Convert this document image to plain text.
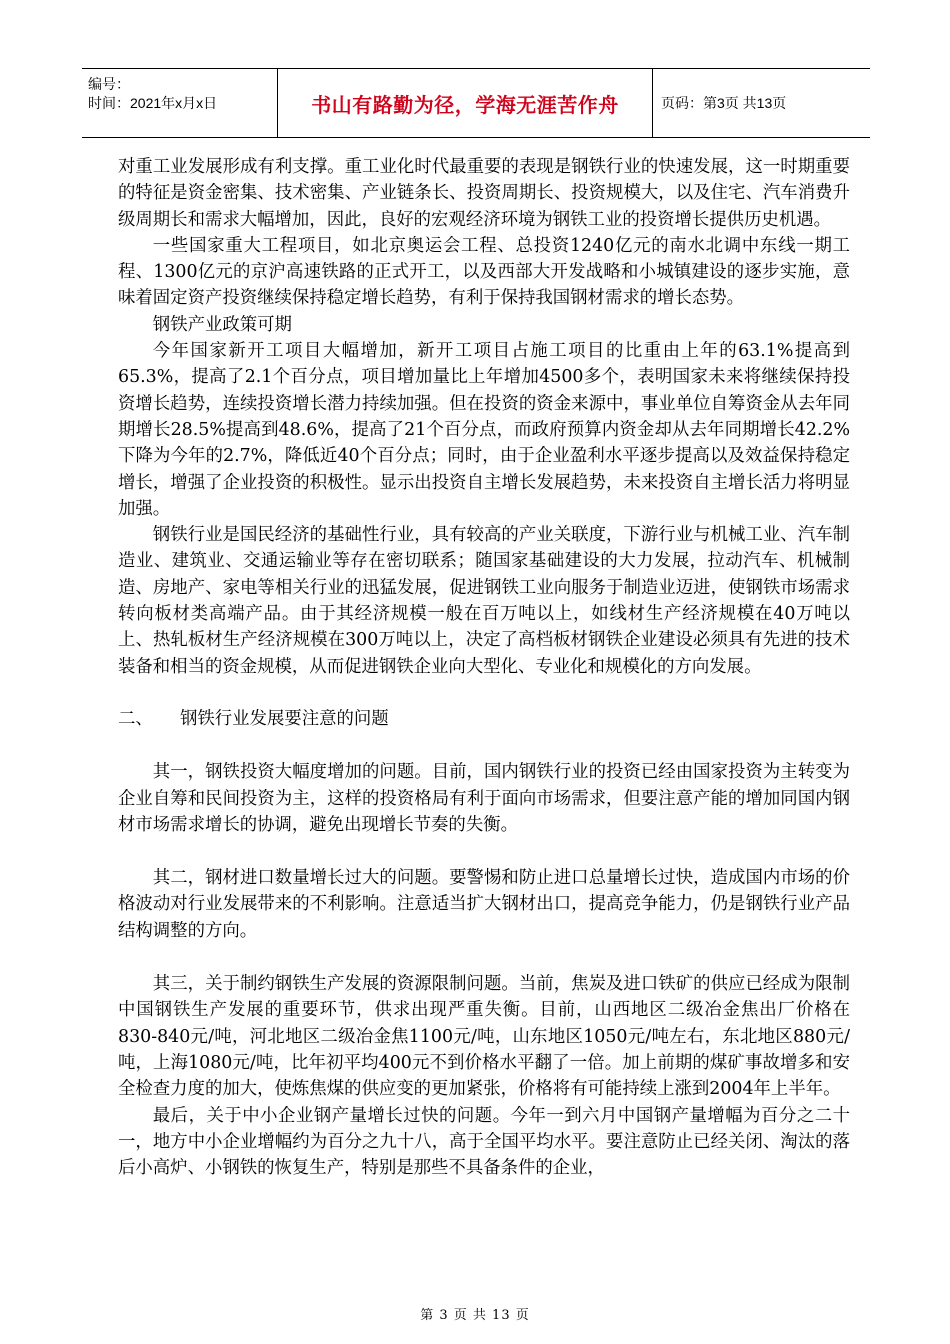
编号：
时间：2021年x月x日	书山有路勤为径，学海无涯苦作舟	页码：第3页 共13页

对重工业发展形成有利支撑。重工业化时代最重要的表现是钢铁行业的快速发展，这一时期重要的特征是资金密集、技术密集、产业链条长、投资周期长、投资规模大，以及住宅、汽车消费升级周期长和需求大幅增加，因此，良好的宏观经济环境为钢铁工业的投资增长提供历史机遇。

一些国家重大工程项目，如北京奥运会工程、总投资1240亿元的南水北调中东线一期工程、1300亿元的京沪高速铁路的正式开工，以及西部大开发战略和小城镇建设的逐步实施，意味着固定资产投资继续保持稳定增长趋势，有利于保持我国钢材需求的增长态势。

钢铁产业政策可期

今年国家新开工项目大幅增加，新开工项目占施工项目的比重由上年的63.1%提高到65.3%，提高了2.1个百分点，项目增加量比上年增加4500多个，表明国家未来将继续保持投资增长趋势，连续投资增长潜力持续加强。但在投资的资金来源中，事业单位自筹资金从去年同期增长28.5%提高到48.6%，提高了21个百分点，而政府预算内资金却从去年同期增长42.2%下降为今年的2.7%，降低近40个百分点；同时，由于企业盈利水平逐步提高以及效益保持稳定增长，增强了企业投资的积极性。显示出投资自主增长发展趋势，未来投资自主增长活力将明显加强。

钢铁行业是国民经济的基础性行业，具有较高的产业关联度，下游行业与机械工业、汽车制造业、建筑业、交通运输业等存在密切联系；随国家基础建设的大力发展，拉动汽车、机械制造、房地产、家电等相关行业的迅猛发展，促进钢铁工业向服务于制造业迈进，使钢铁市场需求转向板材类高端产品。由于其经济规模一般在百万吨以上，如线材生产经济规模在40万吨以上、热轧板材生产经济规模在300万吨以上，决定了高档板材钢铁企业建设必须具有先进的技术装备和相当的资金规模，从而促进钢铁企业向大型化、专业化和规模化的方向发展。

二、	钢铁行业发展要注意的问题

其一，钢铁投资大幅度增加的问题。目前，国内钢铁行业的投资已经由国家投资为主转变为企业自筹和民间投资为主，这样的投资格局有利于面向市场需求，但要注意产能的增加同国内钢材市场需求增长的协调，避免出现增长节奏的失衡。

其二，钢材进口数量增长过大的问题。要警惕和防止进口总量增长过快，造成国内市场的价格波动对行业发展带来的不利影响。注意适当扩大钢材出口，提高竞争能力，仍是钢铁行业产品结构调整的方向。

其三，关于制约钢铁生产发展的资源限制问题。当前，焦炭及进口铁矿的供应已经成为限制中国钢铁生产发展的重要环节，供求出现严重失衡。目前，山西地区二级冶金焦出厂价格在830-840元/吨，河北地区二级冶金焦1100元/吨，山东地区1050元/吨左右，东北地区880元/吨，上海1080元/吨，比年初平均400元不到价格水平翻了一倍。加上前期的煤矿事故增多和安全检查力度的加大，使炼焦煤的供应变的更加紧张，价格将有可能持续上涨到2004年上半年。

最后，关于中小企业钢产量增长过快的问题。今年一到六月中国钢产量增幅为百分之二十一，地方中小企业增幅约为百分之九十八，高于全国平均水平。要注意防止已经关闭、淘汰的落后小高炉、小钢铁的恢复生产，特别是那些不具备条件的企业，

第 3 页 共 13 页
